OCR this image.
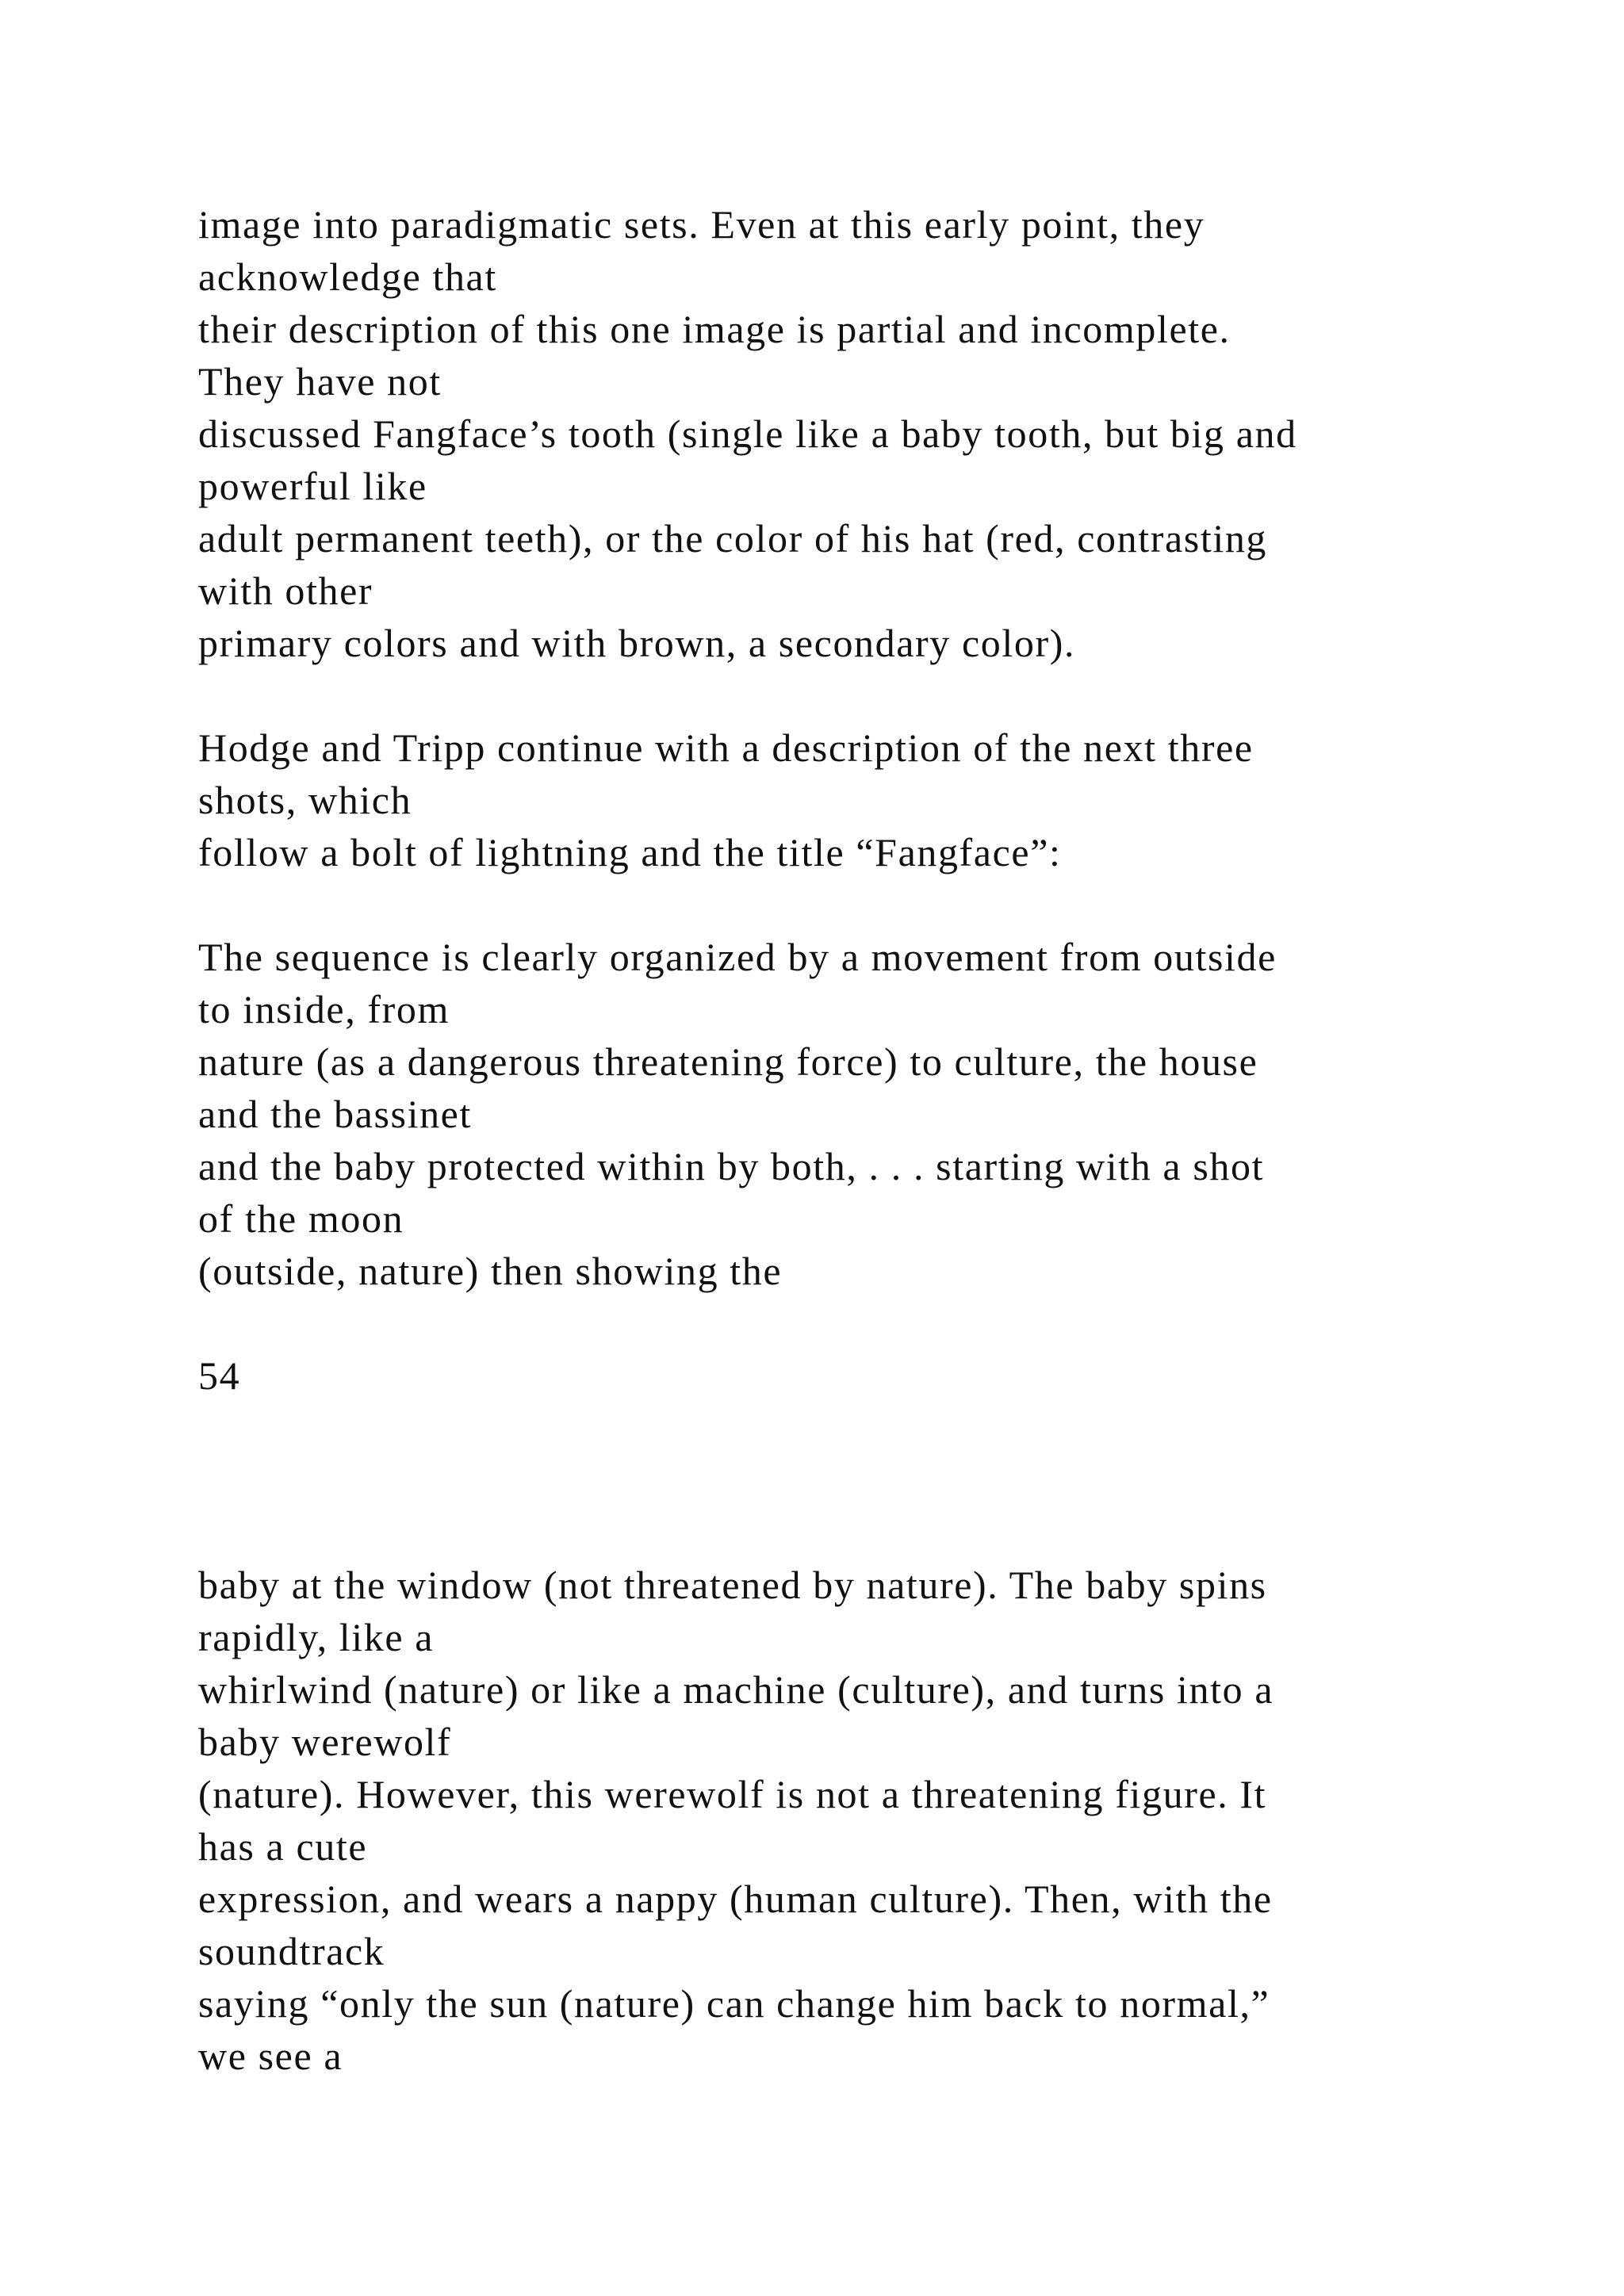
image into paradigmatic sets. Even at this early point, they

acknowledge that

their description of this one image is partial and incomplete.

They have not

discussed Fangface’s tooth (single like a baby tooth, but big and

powerful like

adult permanent teeth), or the color of his hat (red, contrasting

with other

primary colors and with brown, a secondary color).

Hodge and Tripp continue with a description of the next three

shots, which

follow a bolt of lightning and the title “Fangface”:

The sequence is clearly organized by a movement from outside

to inside, from

nature (as a dangerous threatening force) to culture, the house

and the bassinet

and the baby protected within by both, . . . starting with a shot

of the moon

(outside, nature) then showing the

54

baby at the window (not threatened by nature). The baby spins

rapidly, like a

whirlwind (nature) or like a machine (culture), and turns into a

baby werewolf

(nature). However, this werewolf is not a threatening figure. It

has a cute

expression, and wears a nappy (human culture). Then, with the

soundtrack

saying “only the sun (nature) can change him back to normal,”

we see a
